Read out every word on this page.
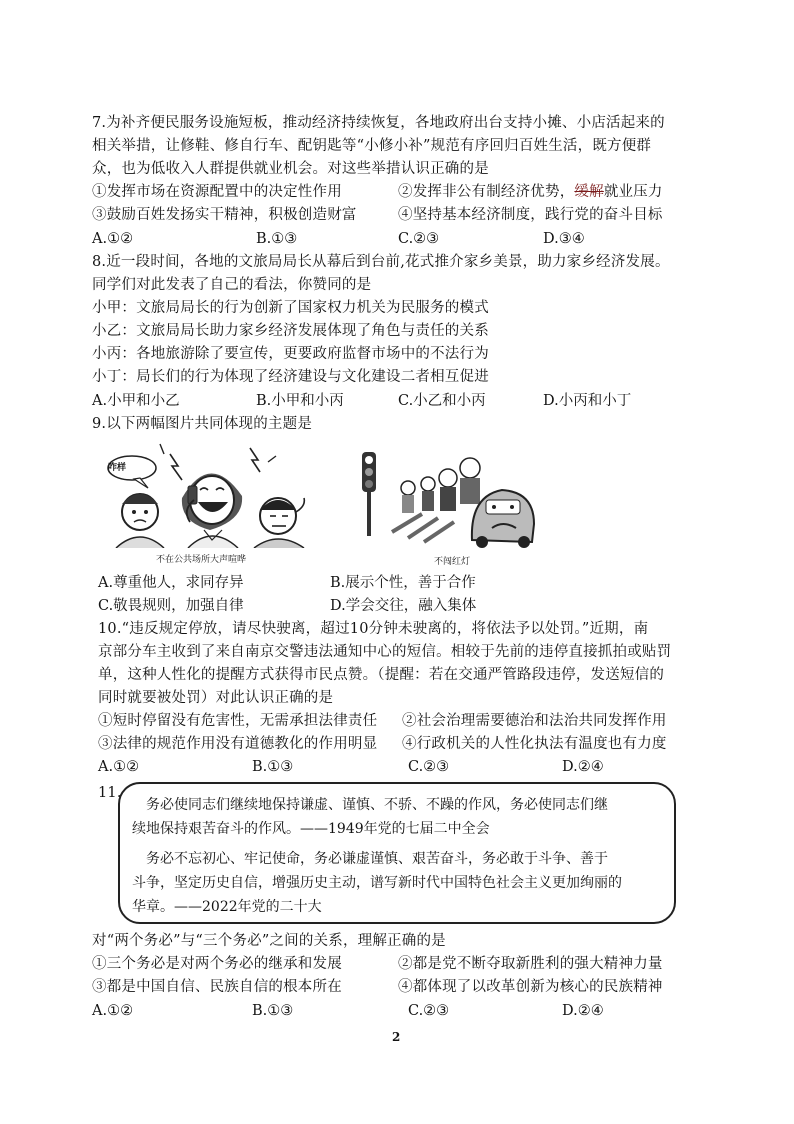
7.为补齐便民服务设施短板，推动经济持续恢复，各地政府出台支持小摊、小店活起来的
相关举措，让修鞋、修自行车、配钥匙等“小修小补”规范有序回归百姓生活，既方便群
众，也为低收入人群提供就业机会。对这些举措认识正确的是
①发挥市场在资源配置中的决定性作用	②发挥非公有制经济优势，缓解就业压力
③鼓励百姓发扬实干精神，积极创造财富	④坚持基本经济制度，践行党的奋斗目标
A.①②	B.①③	C.②③	D.③④
8.近一段时间，各地的文旅局局长从幕后到台前,花式推介家乡美景，助力家乡经济发展。
同学们对此发表了自己的看法，你赞同的是
小甲：文旅局局长的行为创新了国家权力机关为民服务的模式
小乙：文旅局局长助力家乡经济发展体现了角色与责任的关系
小丙：各地旅游除了要宣传，更要政府监督市场中的不法行为
小丁：局长们的行为体现了经济建设与文化建设二者相互促进
A.小甲和小乙	B.小甲和小丙	C.小乙和小丙	D.小丙和小丁
9.以下两幅图片共同体现的主题是
咋样
不在公共场所大声喧哗	不闯红灯
A.尊重他人，求同存异	B.展示个性，善于合作
C.敬畏规则，加强自律	D.学会交往，融入集体
10.“违反规定停放，请尽快驶离，超过10分钟未驶离的，将依法予以处罚。”近期，南
京部分车主收到了来自南京交警违法通知中心的短信。相较于先前的违停直接抓拍或贴罚
单，这种人性化的提醒方式获得市民点赞。（提醒：若在交通严管路段违停，发送短信的
同时就要被处罚）对此认识正确的是
①短时停留没有危害性，无需承担法律责任 ②社会治理需要德治和法治共同发挥作用
③法律的规范作用没有道德教化的作用明显 ④行政机关的人性化执法有温度也有力度
A.①②	B.①③	C.②③	D.②④
11.
务必使同志们继续地保持谦虚、谨慎、不骄、不躁的作风，务必使同志们继
续地保持艰苦奋斗的作风。——1949年党的七届二中全会
务必不忘初心、牢记使命，务必谦虚谨慎、艰苦奋斗，务必敢于斗争、善于
斗争，坚定历史自信，增强历史主动，谱写新时代中国特色社会主义更加绚丽的
华章。——2022年党的二十大
对“两个务必”与“三个务必”之间的关系，理解正确的是
①三个务必是对两个务必的继承和发展	②都是党不断夺取新胜利的强大精神力量
③都是中国自信、民族自信的根本所在	④都体现了以改革创新为核心的民族精神
A.①②	B.①③	C.②③	D.②④
2
